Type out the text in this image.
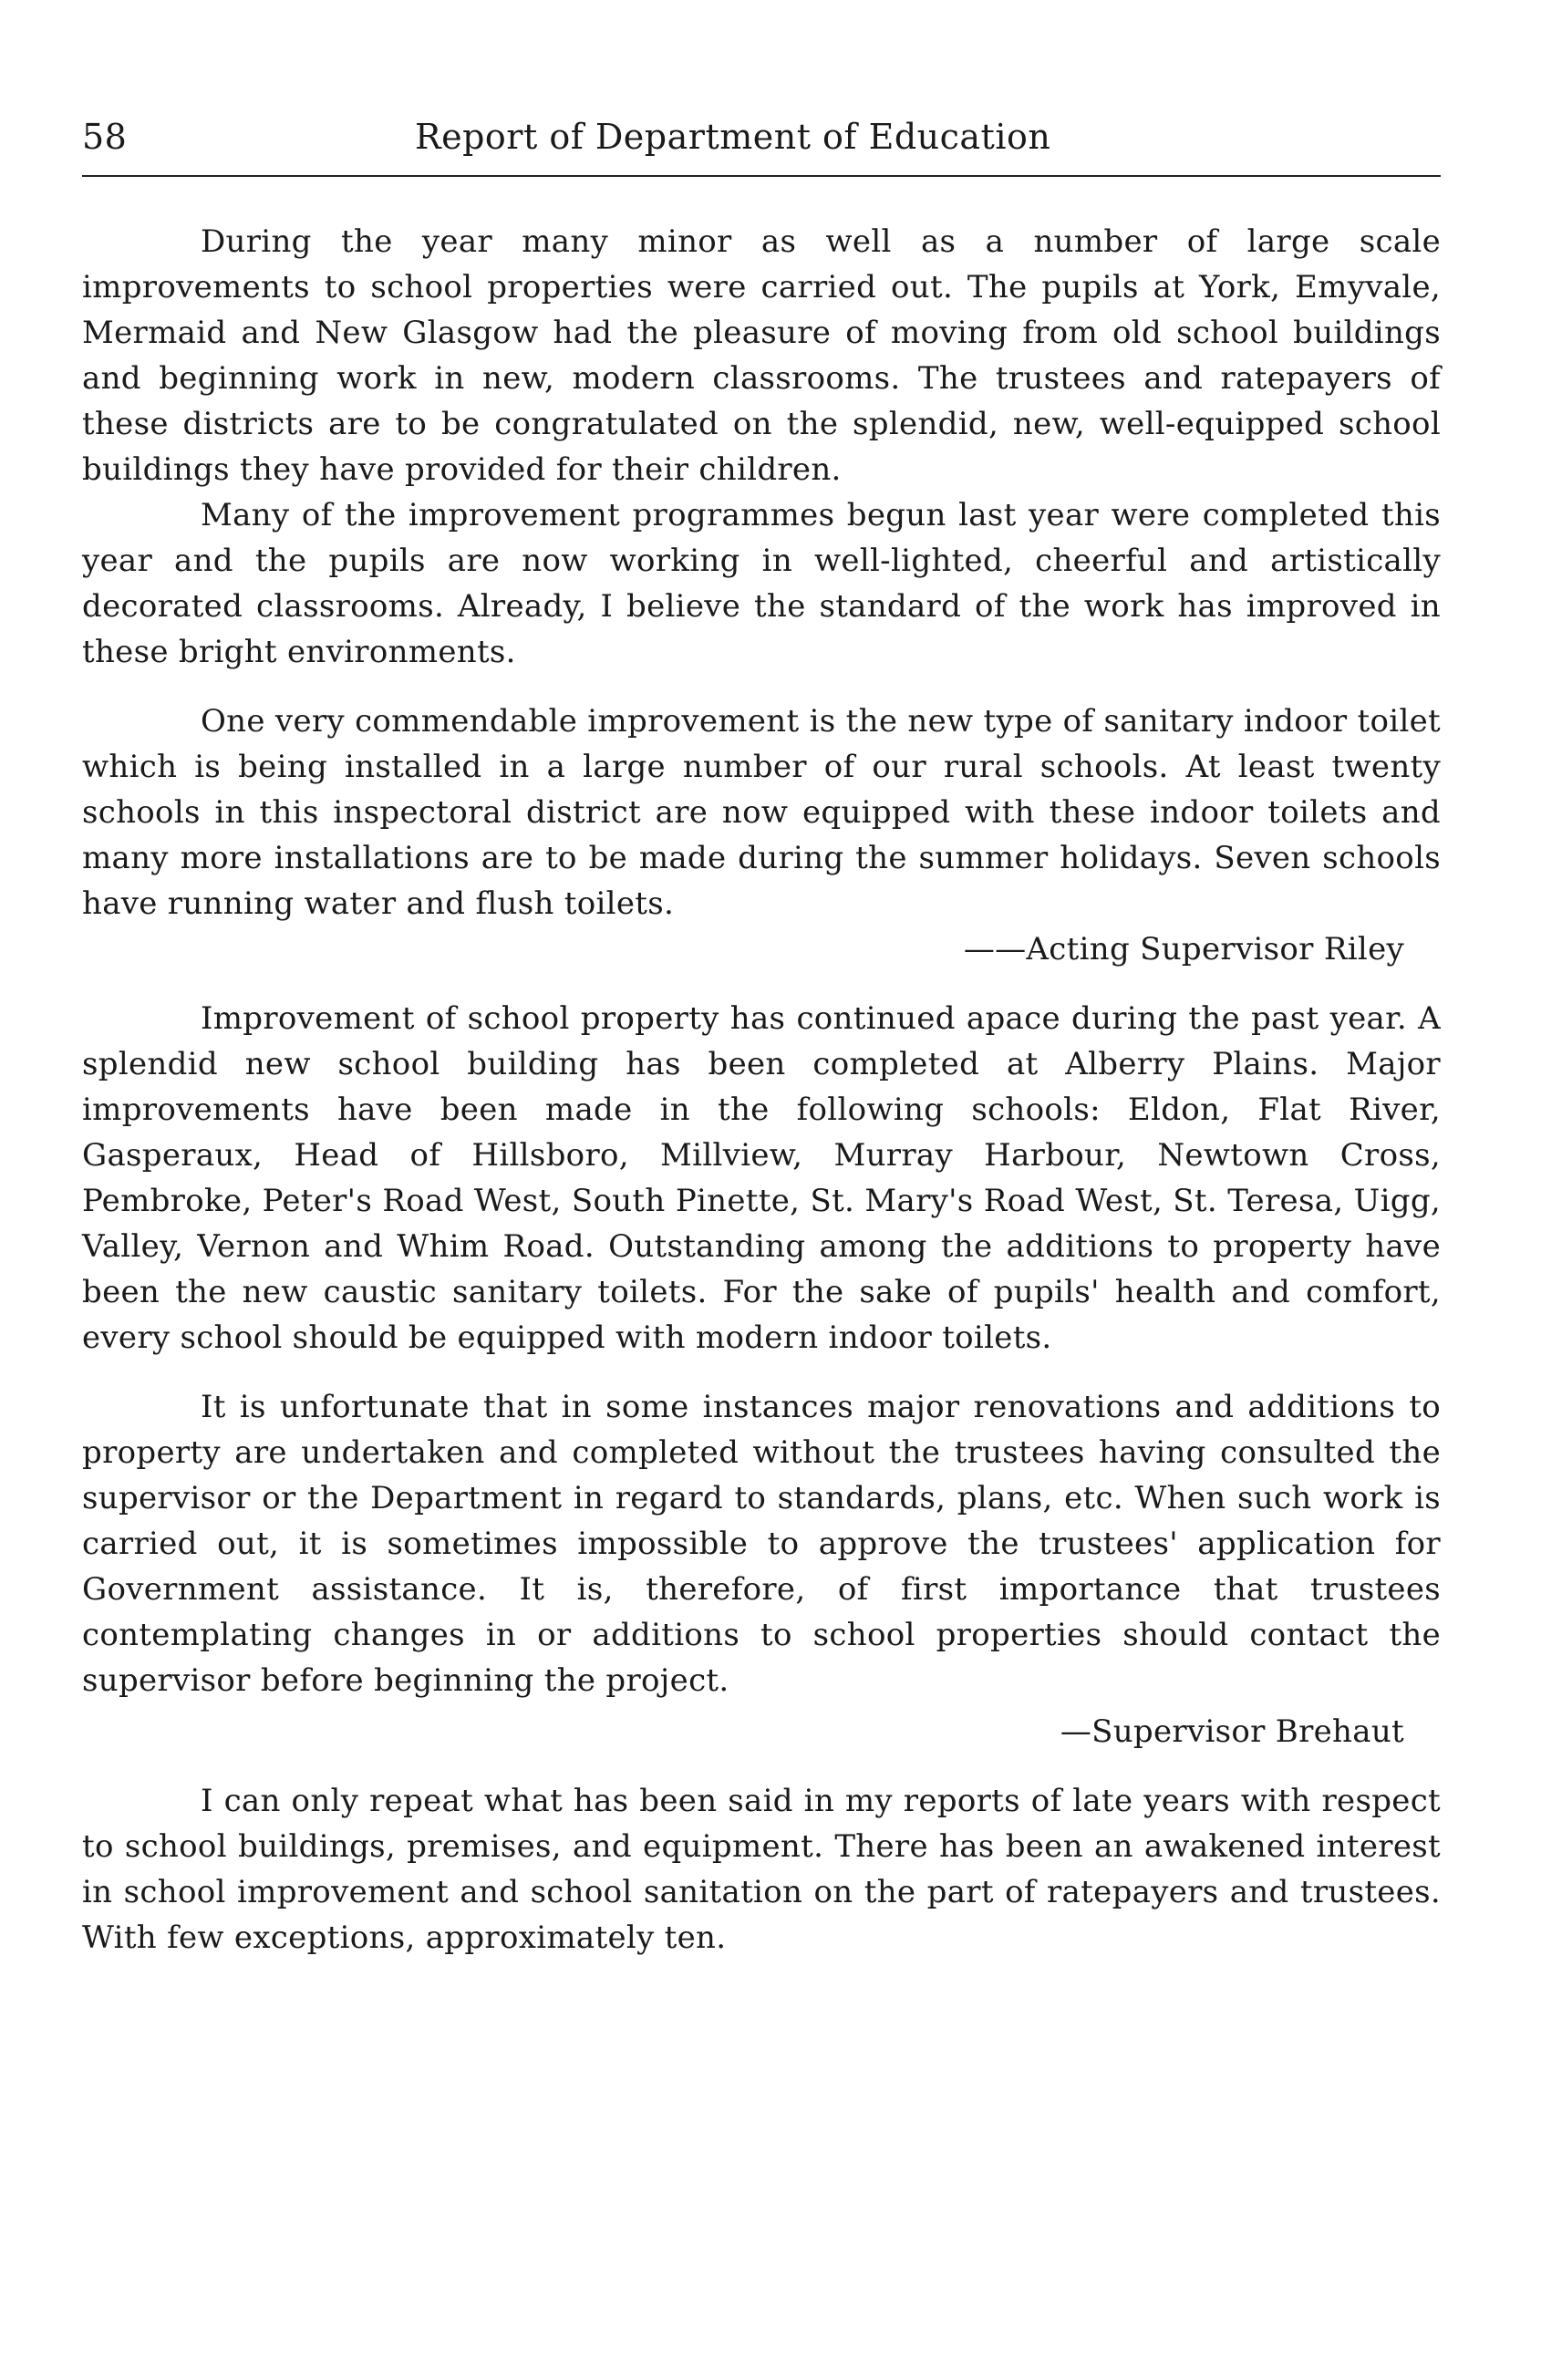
58	Report of Department of Education

During the year many minor as well as a number of large scale improvements to school properties were carried out. The pupils at York, Emyvale, Mermaid and New Glasgow had the pleasure of moving from old school buildings and beginning work in new, modern classrooms. The trustees and ratepayers of these districts are to be congratulated on the splendid, new, well-equipped school buildings they have provided for their children.

Many of the improvement programmes begun last year were completed this year and the pupils are now working in well-lighted, cheerful and artistically decorated classrooms. Already, I believe the standard of the work has improved in these bright environments.

One very commendable improvement is the new type of sanitary indoor toilet which is being installed in a large number of our rural schools. At least twenty schools in this inspectoral district are now equipped with these indoor toilets and many more installations are to be made during the summer holidays. Seven schools have running water and flush toilets.

——Acting Supervisor Riley

Improvement of school property has continued apace during the past year. A splendid new school building has been completed at Alberry Plains. Major improvements have been made in the following schools: Eldon, Flat River, Gasperaux, Head of Hillsboro, Millview, Murray Harbour, Newtown Cross, Pembroke, Peter's Road West, South Pinette, St. Mary's Road West, St. Teresa, Uigg, Valley, Vernon and Whim Road. Outstanding among the additions to property have been the new caustic sanitary toilets. For the sake of pupils' health and comfort, every school should be equipped with modern indoor toilets.

It is unfortunate that in some instances major renovations and additions to property are undertaken and completed without the trustees having consulted the supervisor or the Department in regard to standards, plans, etc. When such work is carried out, it is sometimes impossible to approve the trustees' application for Government assistance. It is, therefore, of first importance that trustees contemplating changes in or additions to school properties should contact the supervisor before beginning the project.

—Supervisor Brehaut

I can only repeat what has been said in my reports of late years with respect to school buildings, premises, and equipment. There has been an awakened interest in school improvement and school sanitation on the part of ratepayers and trustees. With few exceptions, approximately ten.
